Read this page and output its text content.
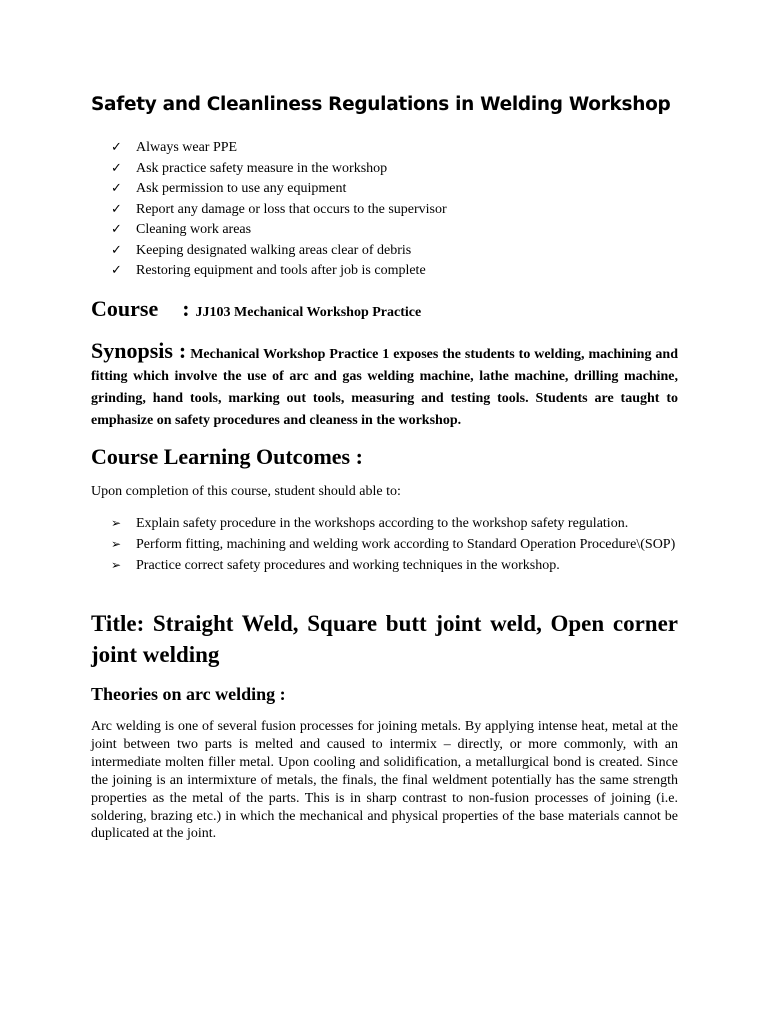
Safety and Cleanliness Regulations in Welding Workshop
✓	Always wear PPE
✓	Ask practice safety measure in the workshop
✓	Ask permission to use any equipment
✓	Report any damage or loss that occurs to the supervisor
✓	Cleaning work areas
✓	Keeping designated walking areas clear of debris
✓	Restoring equipment and tools after job is complete
Course : JJ103 Mechanical Workshop Practice

Synopsis : Mechanical Workshop Practice 1 exposes the students to welding, machining and fitting which involve the use of arc and gas welding machine, lathe machine, drilling machine, grinding, hand tools, marking out tools, measuring and testing tools. Students are taught to emphasize on safety procedures and cleaness in the workshop.

Course Learning Outcomes :

Upon completion of this course, student should able to:

➢	Explain safety procedure in the workshops according to the workshop safety regulation.
➢	Perform fitting, machining and welding work according to Standard Operation Procedure\(SOP)
➢	Practice correct safety procedures and working techniques in the workshop.
Title: Straight Weld, Square butt joint weld, Open corner joint welding
Theories on arc welding :

Arc welding is one of several fusion processes for joining metals. By applying intense heat, metal at the joint between two parts is melted and caused to intermix – directly, or more commonly, with an intermediate molten filler metal. Upon cooling and solidification, a metallurgical bond is created. Since the joining is an intermixture of metals, the finals, the final weldment potentially has the same strength properties as the metal of the parts. This is in sharp contrast to non-fusion processes of joining (i.e. soldering, brazing etc.) in which the mechanical and physical properties of the base materials cannot be duplicated at the joint.
